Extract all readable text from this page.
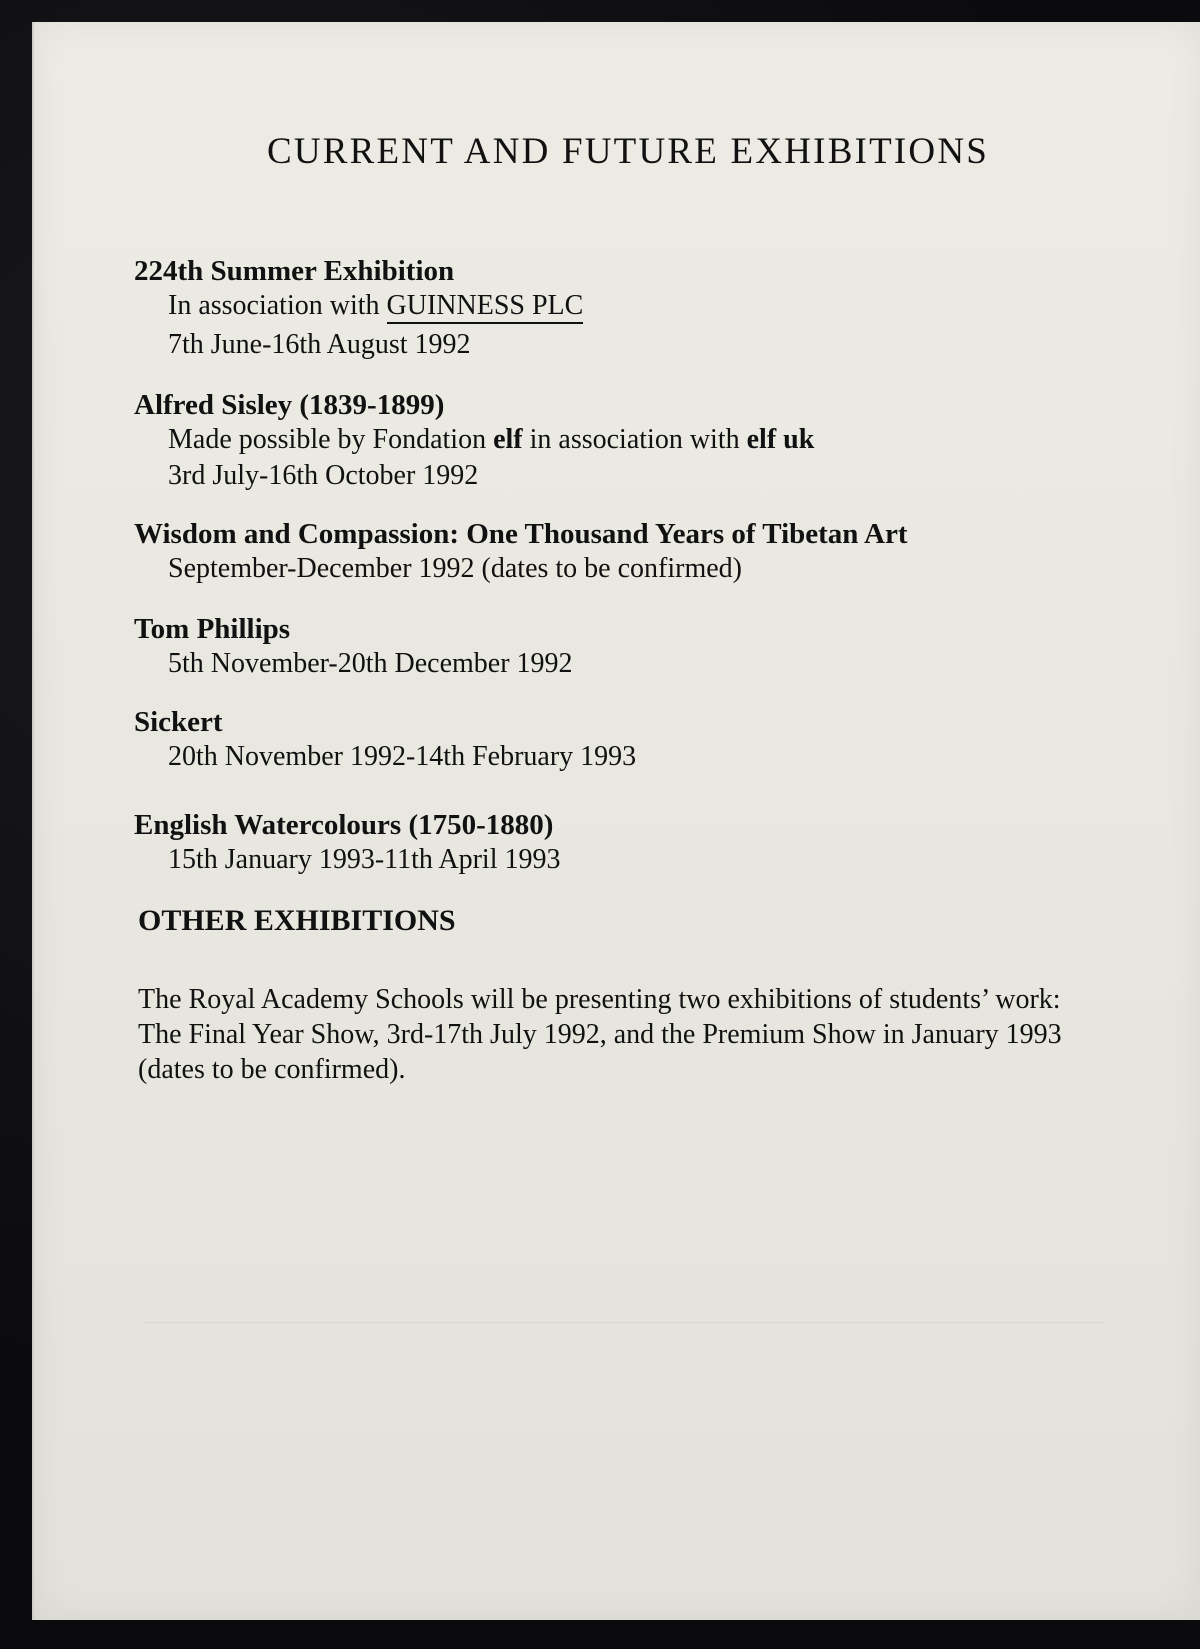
CURRENT AND FUTURE EXHIBITIONS
224th Summer Exhibition
In association with GUINNESS PLC
7th June-16th August 1992
Alfred Sisley (1839-1899)
Made possible by Fondation elf in association with elf uk
3rd July-16th October 1992
Wisdom and Compassion: One Thousand Years of Tibetan Art
September-December 1992 (dates to be confirmed)
Tom Phillips
5th November-20th December 1992
Sickert
20th November 1992-14th February 1993
English Watercolours (1750-1880)
15th January 1993-11th April 1993
OTHER EXHIBITIONS

The Royal Academy Schools will be presenting two exhibitions of students’ work:

The Final Year Show, 3rd-17th July 1992, and the Premium Show in January 1993 (dates to be confirmed).
